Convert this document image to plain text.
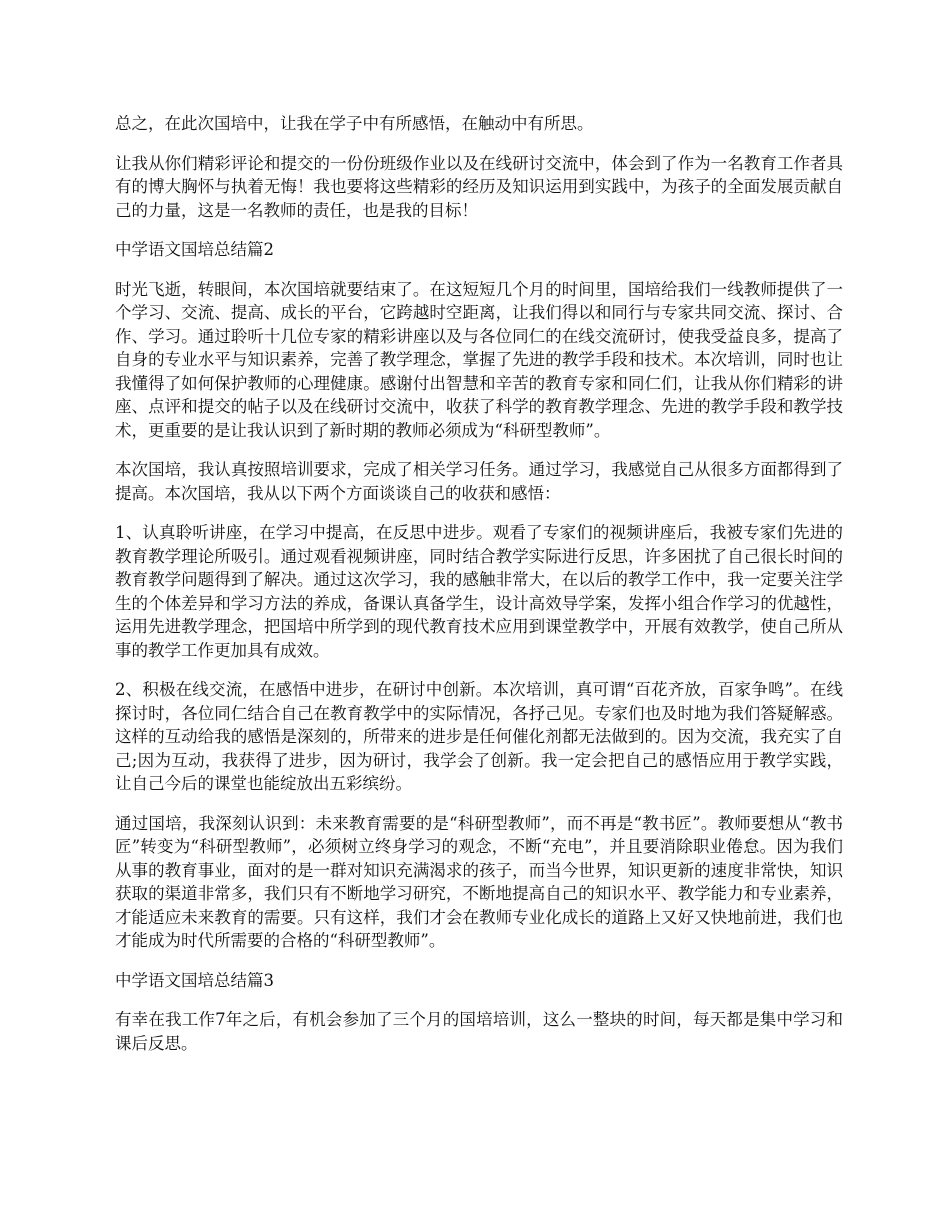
总之，在此次国培中，让我在学子中有所感悟，在触动中有所思。

让我从你们精彩评论和提交的一份份班级作业以及在线研讨交流中，体会到了作为一名教育工作者具有的博大胸怀与执着无悔！我也要将这些精彩的经历及知识运用到实践中，为孩子的全面发展贡献自己的力量，这是一名教师的责任，也是我的目标！

中学语文国培总结篇2

时光飞逝，转眼间，本次国培就要结束了。在这短短几个月的时间里，国培给我们一线教师提供了一个学习、交流、提高、成长的平台，它跨越时空距离，让我们得以和同行与专家共同交流、探讨、合作、学习。通过聆听十几位专家的精彩讲座以及与各位同仁的在线交流研讨，使我受益良多，提高了自身的专业水平与知识素养，完善了教学理念，掌握了先进的教学手段和技术。本次培训，同时也让我懂得了如何保护教师的心理健康。感谢付出智慧和辛苦的教育专家和同仁们，让我从你们精彩的讲座、点评和提交的帖子以及在线研讨交流中，收获了科学的教育教学理念、先进的教学手段和教学技术，更重要的是让我认识到了新时期的教师必须成为“科研型教师”。

本次国培，我认真按照培训要求，完成了相关学习任务。通过学习，我感觉自己从很多方面都得到了提高。本次国培，我从以下两个方面谈谈自己的收获和感悟：

1、认真聆听讲座，在学习中提高，在反思中进步。观看了专家们的视频讲座后，我被专家们先进的教育教学理论所吸引。通过观看视频讲座，同时结合教学实际进行反思，许多困扰了自己很长时间的教育教学问题得到了解决。通过这次学习，我的感触非常大，在以后的教学工作中，我一定要关注学生的个体差异和学习方法的养成，备课认真备学生，设计高效导学案，发挥小组合作学习的优越性，运用先进教学理念，把国培中所学到的现代教育技术应用到课堂教学中，开展有效教学，使自己所从事的教学工作更加具有成效。

2、积极在线交流，在感悟中进步，在研讨中创新。本次培训，真可谓“百花齐放，百家争鸣”。在线探讨时，各位同仁结合自己在教育教学中的实际情况，各抒己见。专家们也及时地为我们答疑解惑。这样的互动给我的感悟是深刻的，所带来的进步是任何催化剂都无法做到的。因为交流，我充实了自己;因为互动，我获得了进步，因为研讨，我学会了创新。我一定会把自己的感悟应用于教学实践，让自己今后的课堂也能绽放出五彩缤纷。

通过国培，我深刻认识到：未来教育需要的是“科研型教师”，而不再是“教书匠”。教师要想从“教书匠”转变为“科研型教师”，必须树立终身学习的观念，不断“充电”，并且要消除职业倦怠。因为我们从事的教育事业，面对的是一群对知识充满渴求的孩子，而当今世界，知识更新的速度非常快，知识获取的渠道非常多，我们只有不断地学习研究，不断地提高自己的知识水平、教学能力和专业素养，才能适应未来教育的需要。只有这样，我们才会在教师专业化成长的道路上又好又快地前进，我们也才能成为时代所需要的合格的“科研型教师”。

中学语文国培总结篇3

有幸在我工作7年之后，有机会参加了三个月的国培培训，这么一整块的时间，每天都是集中学习和课后反思。
